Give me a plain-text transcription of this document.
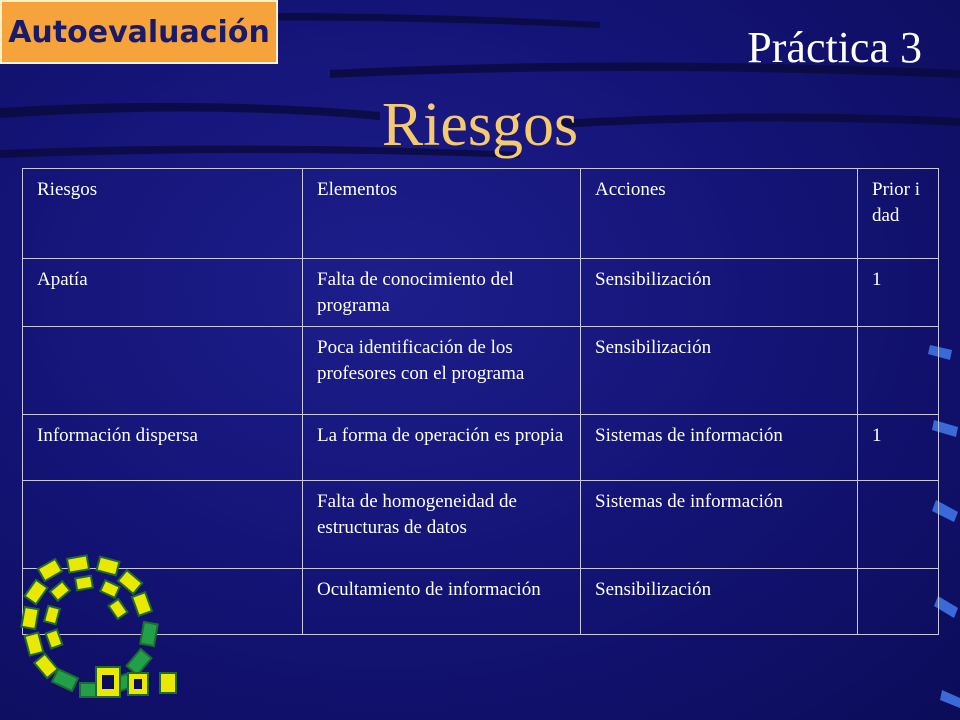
Autoevaluación	Práctica 3
Riesgos
Riesgos	Elementos	Acciones	Prior idad
Apatía	Falta de conocimiento del programa	Sensibilización	1
	Poca identificación de los profesores con el programa	Sensibilización	
Información dispersa	La forma de operación es propia	Sistemas de información	1
	Falta de homogeneidad de estructuras de datos	Sistemas de información	
	Ocultamiento de información	Sensibilización	
